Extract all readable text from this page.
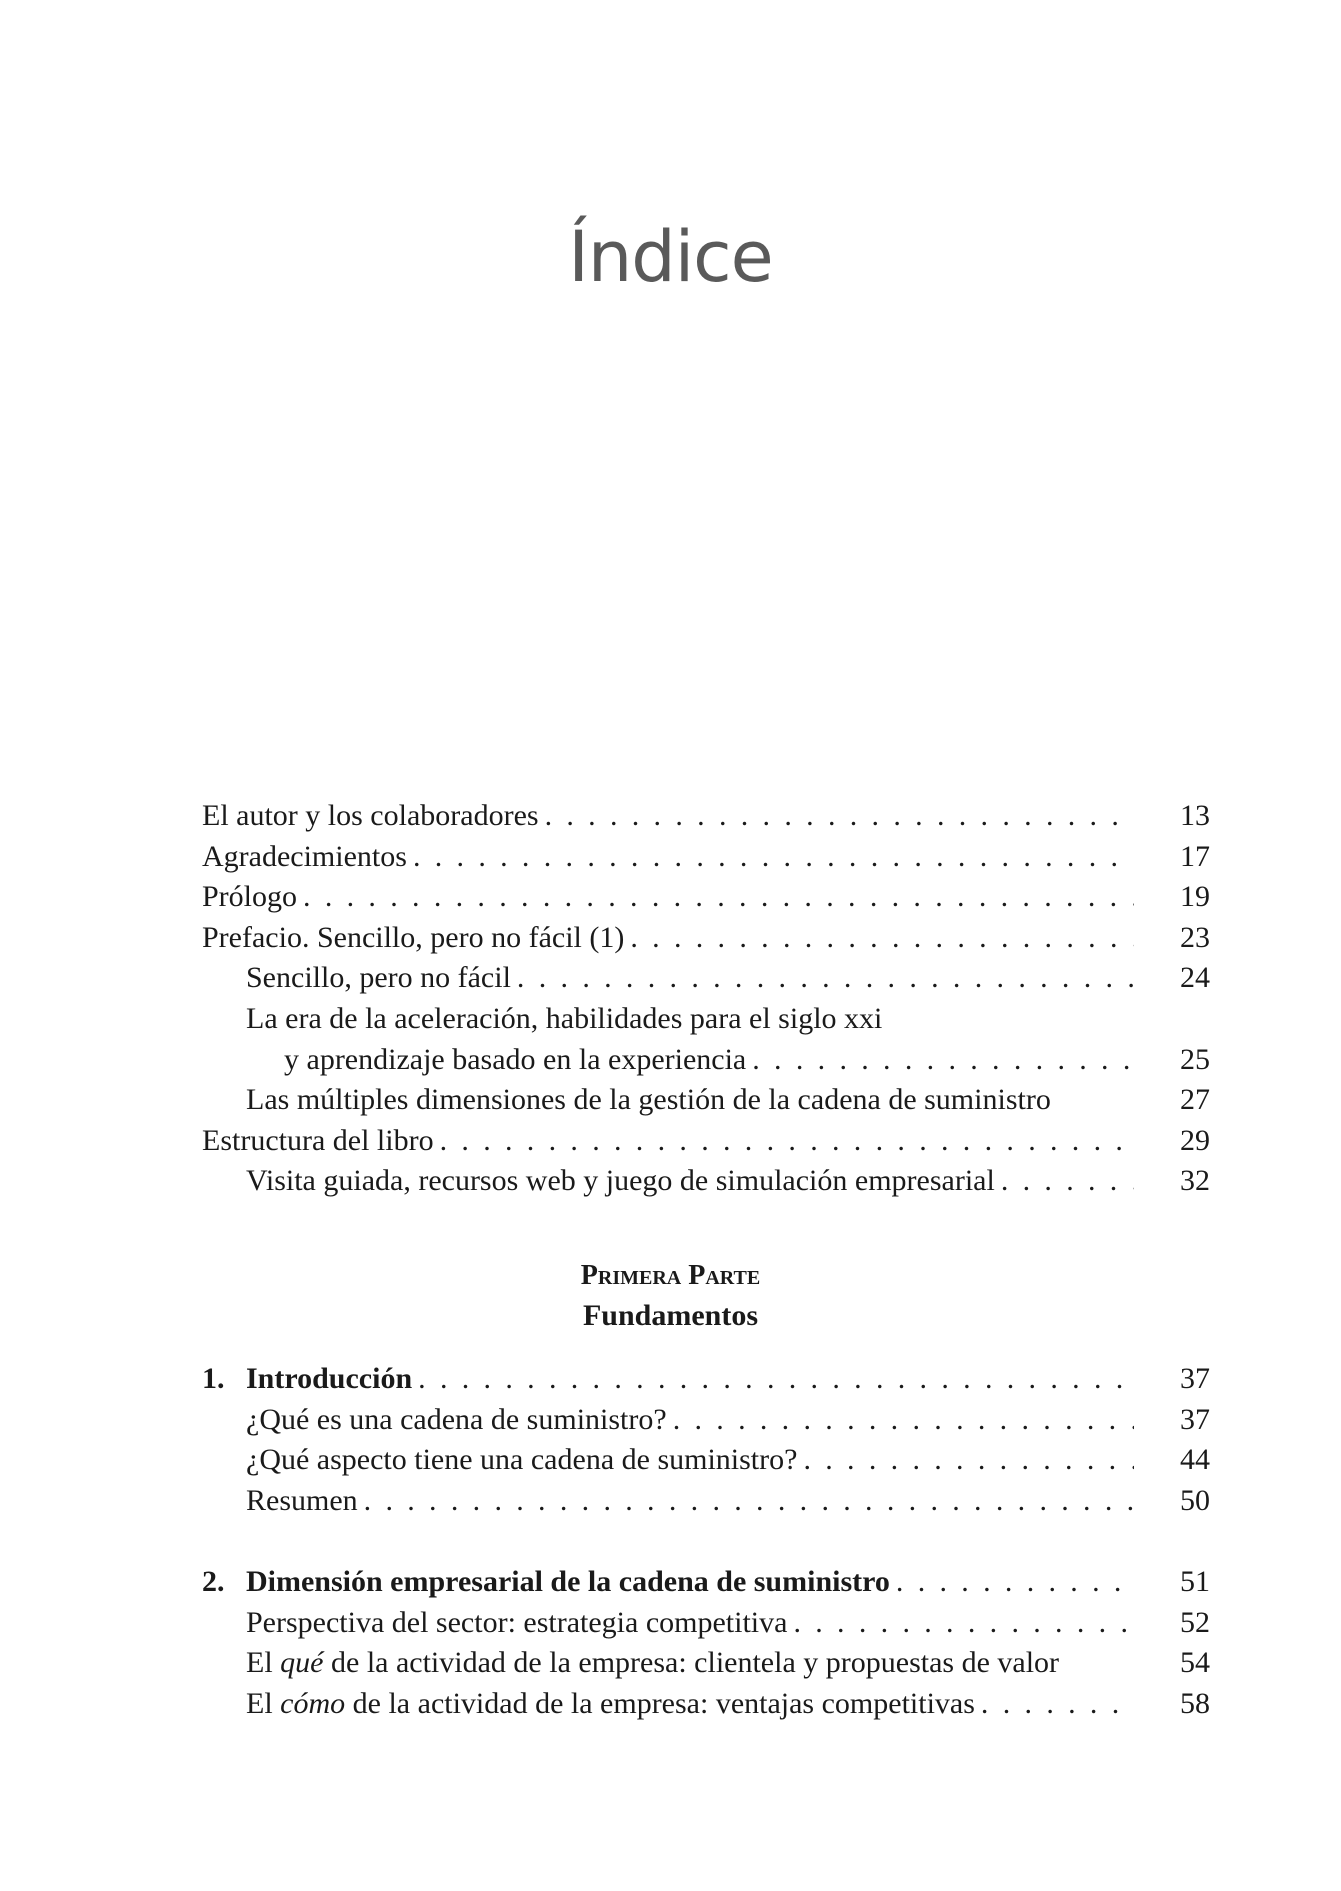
Índice
El autor y los colaboradores . . .	13
Agradecimientos . . .	17
Prólogo . . .	19
Prefacio. Sencillo, pero no fácil (1) . . .	23
Sencillo, pero no fácil . . .	24
La era de la aceleración, habilidades para el siglo xxi
y aprendizaje basado en la experiencia . . .	25
Las múltiples dimensiones de la gestión de la cadena de suministro	27
Estructura del libro . . .	29
Visita guiada, recursos web y juego de simulación empresarial . . .	32
Primera Parte
Fundamentos
1. Introducción . . .	37
¿Qué es una cadena de suministro? . . .	37
¿Qué aspecto tiene una cadena de suministro? . . .	44
Resumen . . .	50
2. Dimensión empresarial de la cadena de suministro . . .	51
Perspectiva del sector: estrategia competitiva . . .	52
El qué de la actividad de la empresa: clientela y propuestas de valor	54
El cómo de la actividad de la empresa: ventajas competitivas . . .	58
